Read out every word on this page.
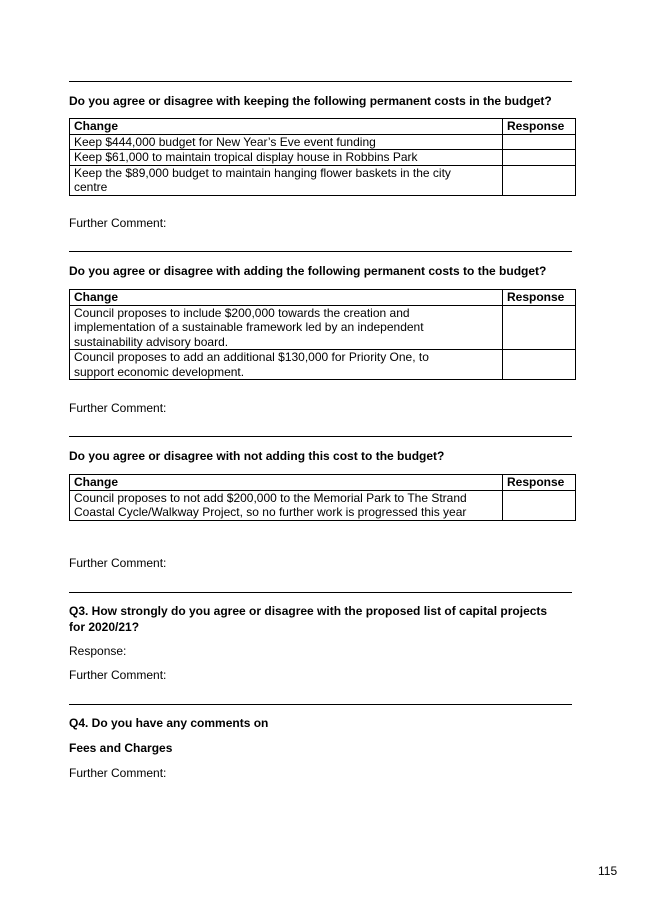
Do you agree or disagree with keeping the following permanent costs in the budget?
Change	Response
Keep $444,000 budget for New Year’s Eve event funding	
Keep $61,000 to maintain tropical display house in Robbins Park	
Keep the $89,000 budget to maintain hanging flower baskets in the city centre	
Further Comment:
Do you agree or disagree with adding the following permanent costs to the budget?
Change	Response
Council proposes to include $200,000 towards the creation and implementation of a sustainable framework led by an independent sustainability advisory board.	
Council proposes to add an additional $130,000 for Priority One, to support economic development.	
Further Comment:
Do you agree or disagree with not adding this cost to the budget?
Change	Response
Council proposes to not add $200,000 to the Memorial Park to The Strand Coastal Cycle/Walkway Project, so no further work is progressed this year	
Further Comment:
Q3. How strongly do you agree or disagree with the proposed list of capital projects
for 2020/21?
Response:
Further Comment:
Q4. Do you have any comments on
Fees and Charges
Further Comment:
115
